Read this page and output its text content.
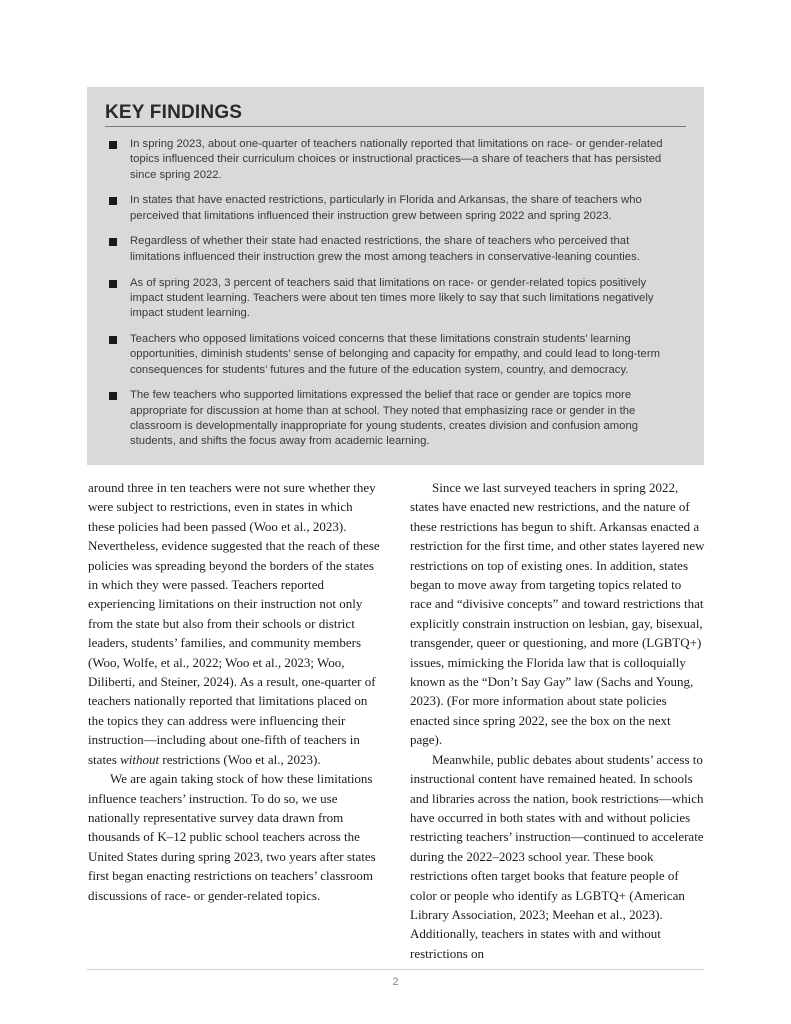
KEY FINDINGS
In spring 2023, about one-quarter of teachers nationally reported that limitations on race- or gender-related topics influenced their curriculum choices or instructional practices—a share of teachers that has persisted since spring 2022.
In states that have enacted restrictions, particularly in Florida and Arkansas, the share of teachers who perceived that limitations influenced their instruction grew between spring 2022 and spring 2023.
Regardless of whether their state had enacted restrictions, the share of teachers who perceived that limitations influenced their instruction grew the most among teachers in conservative-leaning counties.
As of spring 2023, 3 percent of teachers said that limitations on race- or gender-related topics positively impact student learning. Teachers were about ten times more likely to say that such limitations negatively impact student learning.
Teachers who opposed limitations voiced concerns that these limitations constrain students’ learning opportunities, diminish students’ sense of belonging and capacity for empathy, and could lead to long-term consequences for students’ futures and the future of the education system, country, and democracy.
The few teachers who supported limitations expressed the belief that race or gender are topics more appropriate for discussion at home than at school. They noted that emphasizing race or gender in the classroom is developmentally inappropriate for young students, creates division and confusion among students, and shifts the focus away from academic learning.

around three in ten teachers were not sure whether they were subject to restrictions, even in states in which these policies had been passed (Woo et al., 2023). Nevertheless, evidence suggested that the reach of these policies was spreading beyond the borders of the states in which they were passed. Teachers reported experiencing limitations on their instruction not only from the state but also from their schools or district leaders, students’ families, and community members (Woo, Wolfe, et al., 2022; Woo et al., 2023; Woo, Diliberti, and Steiner, 2024). As a result, one-quarter of teachers nationally reported that limitations placed on the topics they can address were influencing their instruction—including about one-fifth of teachers in states without restrictions (Woo et al., 2023).

We are again taking stock of how these limitations influence teachers’ instruction. To do so, we use nationally representative survey data drawn from thousands of K–12 public school teachers across the United States during spring 2023, two years after states first began enacting restrictions on teachers’ classroom discussions of race- or gender-related topics.

Since we last surveyed teachers in spring 2022, states have enacted new restrictions, and the nature of these restrictions has begun to shift. Arkansas enacted a restriction for the first time, and other states layered new restrictions on top of existing ones. In addition, states began to move away from targeting topics related to race and “divisive concepts” and toward restrictions that explicitly constrain instruction on lesbian, gay, bisexual, transgender, queer or questioning, and more (LGBTQ+) issues, mimicking the Florida law that is colloquially known as the “Don’t Say Gay” law (Sachs and Young, 2023). (For more information about state policies enacted since spring 2022, see the box on the next page).

Meanwhile, public debates about students’ access to instructional content have remained heated. In schools and libraries across the nation, book restrictions—which have occurred in both states with and without policies restricting teachers’ instruction—continued to accelerate during the 2022–2023 school year. These book restrictions often target books that feature people of color or people who identify as LGBTQ+ (American Library Association, 2023; Meehan et al., 2023). Additionally, teachers in states with and without restrictions on

2
